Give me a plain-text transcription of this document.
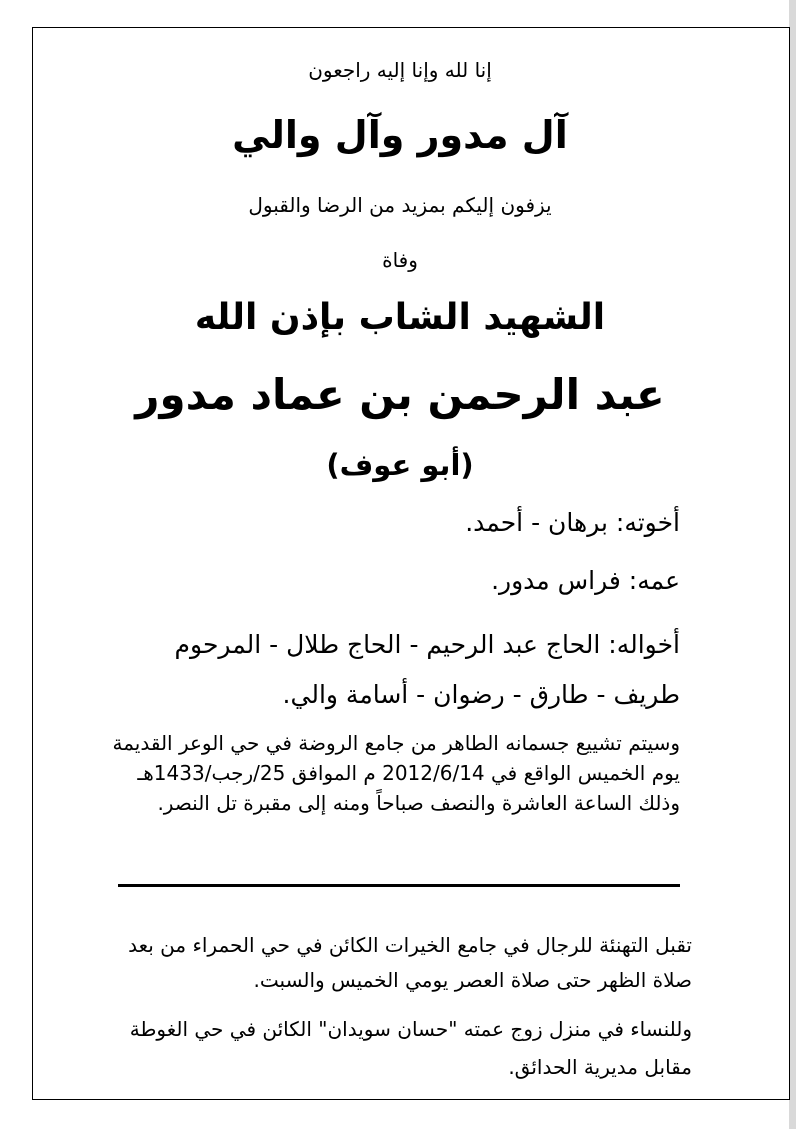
إنا لله وإنا إليه راجعون
آل مدور وآل والي
يزفون إليكم بمزيد من الرضا والقبول
وفاة
الشهيد الشاب بإذن الله
عبد الرحمن بن عماد مدور
(أبو عوف)
أخوته: برهان - أحمد.
عمه: فراس مدور.
أخواله: الحاج عبد الرحيم - الحاج طلال - المرحوم طريف - طارق - رضوان - أسامة والي.
وسيتم تشييع جسمانه الطاهر من جامع الروضة في حي الوعر القديمة يوم الخميس الواقع في 2012/6/14 م الموافق 25/رجب/1433هـ وذلك الساعة العاشرة والنصف صباحاً ومنه إلى مقبرة تل النصر.
تقبل التهنئة للرجال في جامع الخيرات الكائن في حي الحمراء من بعد صلاة الظهر حتى صلاة العصر يومي الخميس والسبت.
وللنساء في منزل زوج عمته "حسان سويدان" الكائن في حي الغوطة مقابل مديرية الحدائق.
